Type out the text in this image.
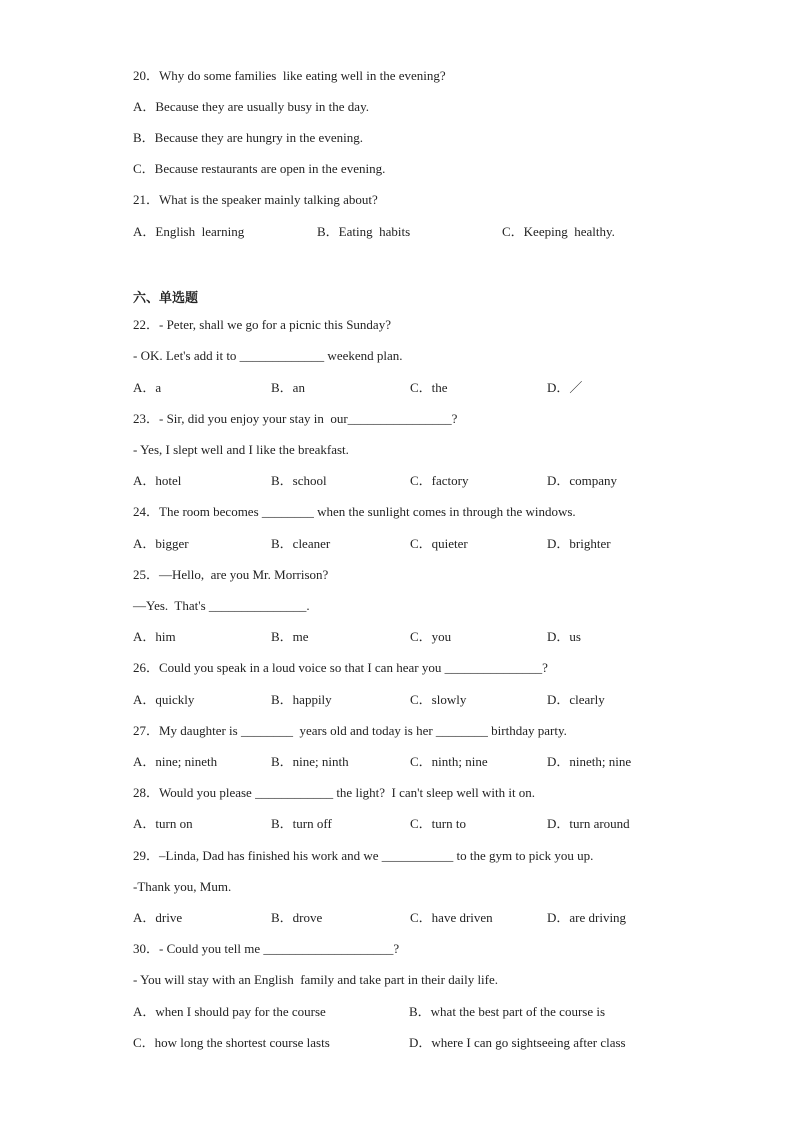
20．Why do some families  like eating well in the evening?
A．Because they are usually busy in the day.
B．Because they are hungry in the evening.
C．Because restaurants are open in the evening.
21．What is the speaker mainly talking about?
A．English  learning	B．Eating  habits	C．Keeping  healthy.
六、单选题
22．- Peter, shall we go for a picnic this Sunday?
- OK. Let's add it to _____________ weekend plan.
A．a	B．an	C．the	D．／
23．- Sir, did you enjoy your stay in  our________________?
- Yes, I slept well and I like the breakfast.
A．hotel	B．school	C．factory	D．company
24．The room becomes ________ when the sunlight comes in through the windows.
A．bigger	B．cleaner	C．quieter	D．brighter
25．—Hello,  are you Mr. Morrison?
—Yes.  That's _______________.
A．him	B．me	C．you	D．us
26．Could you speak in a loud voice so that I can hear you _______________?
A．quickly	B．happily	C．slowly	D．clearly
27．My daughter is ________  years old and today is her ________ birthday party.
A．nine; nineth	B．nine; ninth	C．ninth; nine	D．nineth; nine
28．Would you please ____________ the light?  I can't sleep well with it on.
A．turn on	B．turn off	C．turn to	D．turn around
29．–Linda, Dad has finished his work and we ___________ to the gym to pick you up.
-Thank you, Mum.
A．drive	B．drove	C．have driven	D．are driving
30．- Could you tell me ____________________?
- You will stay with an English  family and take part in their daily life.
A．when I should pay for the course	B．what the best part of the course is
C．how long the shortest course lasts	D．where I can go sightseeing after class
